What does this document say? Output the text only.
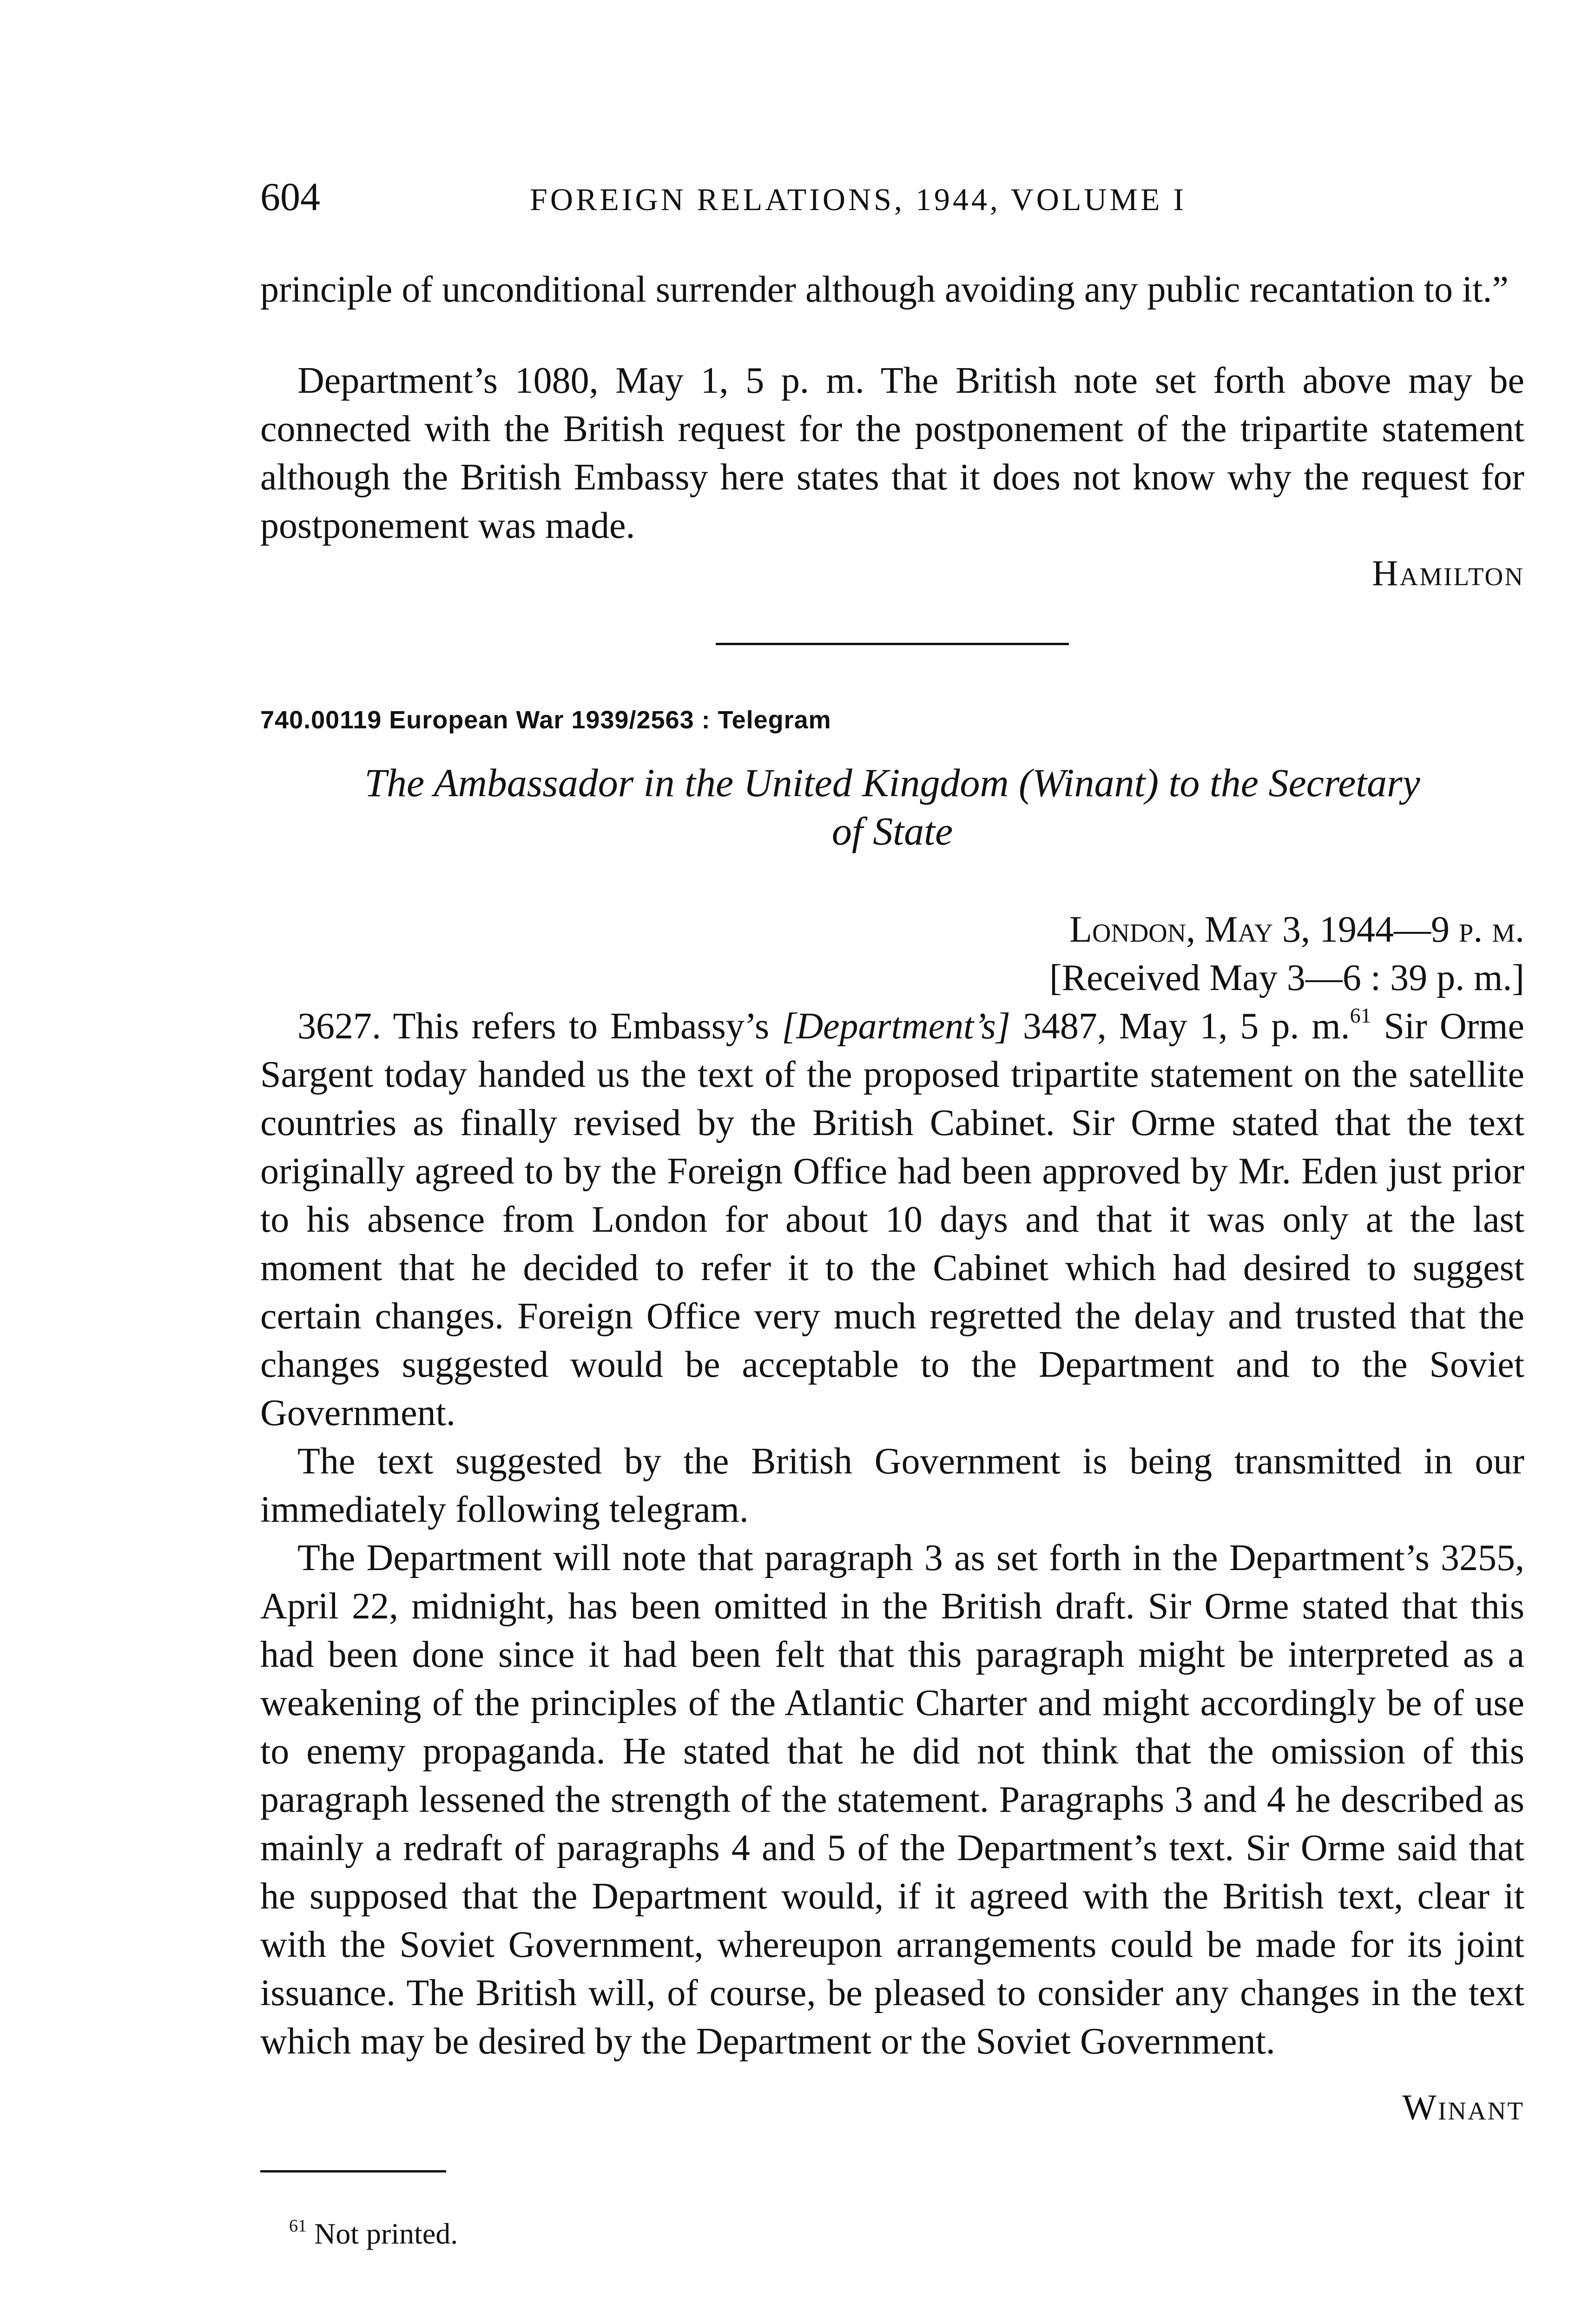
604	FOREIGN RELATIONS, 1944, VOLUME I

principle of unconditional surrender although avoiding any public recantation to it.”

Department’s 1080, May 1, 5 p. m. The British note set forth above may be connected with the British request for the postponement of the tripartite statement although the British Embassy here states that it does not know why the request for postponement was made.

Hamilton
740.00119 European War 1939/2563 : Telegram
The Ambassador in the United Kingdom (Winant) to the Secretary
of State

London, May 3, 1944—9 p. m.

[Received May 3—6 : 39 p. m.]

3627. This refers to Embassy’s [Department’s] 3487, May 1, 5 p. m.$^{61}$ Sir Orme Sargent today handed us the text of the proposed tripartite statement on the satellite countries as finally revised by the British Cabinet. Sir Orme stated that the text originally agreed to by the Foreign Office had been approved by Mr. Eden just prior to his absence from London for about 10 days and that it was only at the last moment that he decided to refer it to the Cabinet which had desired to suggest certain changes. Foreign Office very much regretted the delay and trusted that the changes suggested would be acceptable to the Department and to the Soviet Government.

The text suggested by the British Government is being transmitted in our immediately following telegram.

The Department will note that paragraph 3 as set forth in the Department’s 3255, April 22, midnight, has been omitted in the British draft. Sir Orme stated that this had been done since it had been felt that this paragraph might be interpreted as a weakening of the principles of the Atlantic Charter and might accordingly be of use to enemy propaganda. He stated that he did not think that the omission of this paragraph lessened the strength of the statement. Paragraphs 3 and 4 he described as mainly a redraft of paragraphs 4 and 5 of the Department’s text. Sir Orme said that he supposed that the Department would, if it agreed with the British text, clear it with the Soviet Government, whereupon arrangements could be made for its joint issuance. The British will, of course, be pleased to consider any changes in the text which may be desired by the Department or the Soviet Government.

Winant
$^{61}$ Not printed.
